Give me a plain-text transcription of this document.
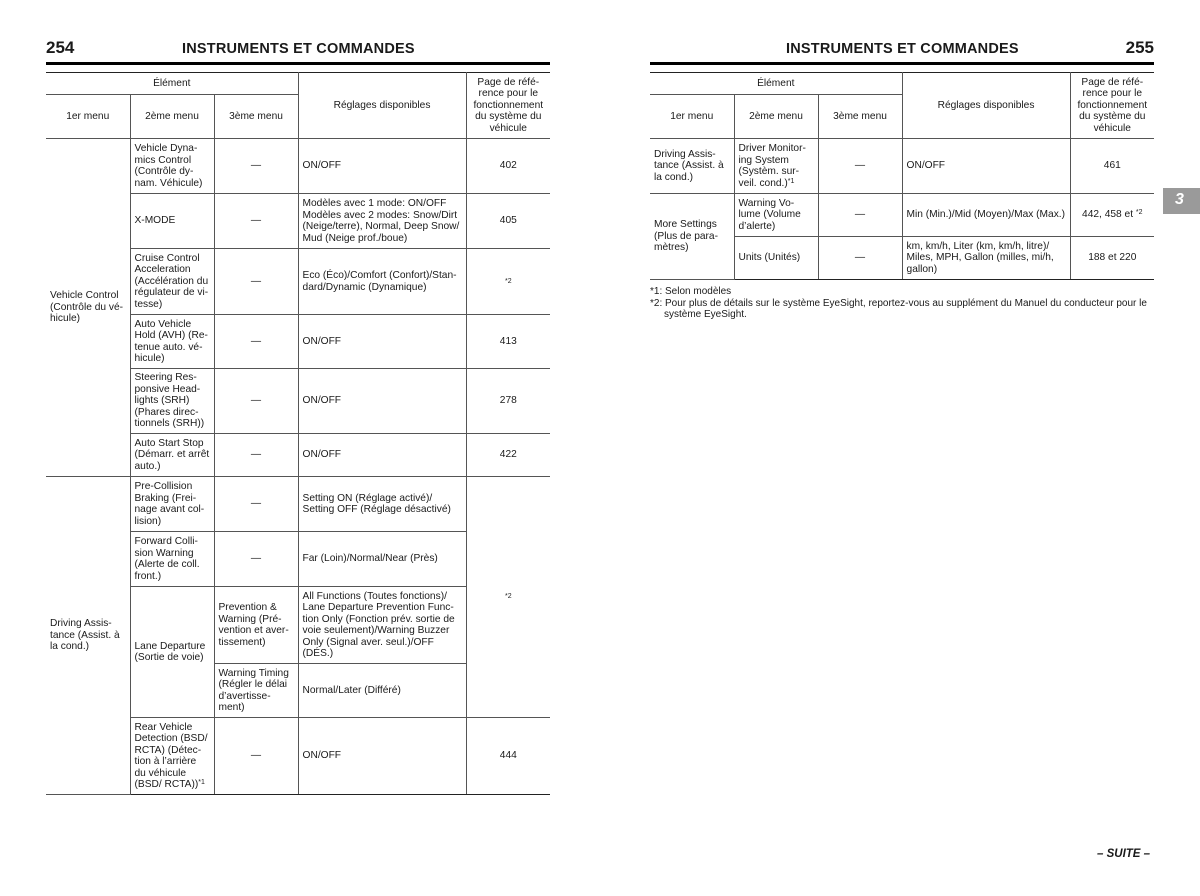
254	INSTRUMENTS ET COMMANDES
Élément			Réglages disponibles	Page de réfé-rence pour le fonctionnement du système du véhicule
1er menu	2ème menu	3ème menu		
Vehicle Control (Contrôle du vé-hicule)	Vehicle Dyna-mics Control (Contrôle dy-nam. Véhicule)	—	ON/OFF	402
	X-MODE	—	Modèles avec 1 mode: ON/OFF Modèles avec 2 modes: Snow/Dirt (Neige/terre), Normal, Deep Snow/ Mud (Neige prof./boue)	405
	Cruise Control Acceleration (Accélération du régulateur de vi-tesse)	—	Eco (Éco)/Comfort (Confort)/Stan-dard/Dynamic (Dynamique)	*2
	Auto Vehicle Hold (AVH) (Re-tenue auto. vé-hicule)	—	ON/OFF	413
	Steering Res-ponsive Head-lights (SRH) (Phares direc-tionnels (SRH))	—	ON/OFF	278
	Auto Start Stop (Démarr. et arrêt auto.)	—	ON/OFF	422
Driving Assis-tance (Assist. à la cond.)	Pre-Collision Braking (Frei-nage avant col-lision)	—	Setting ON (Réglage activé)/ Setting OFF (Réglage désactivé)	*2
	Forward Colli-sion Warning (Alerte de coll. front.)	—	Far (Loin)/Normal/Near (Près)	
	Lane Departure (Sortie de voie)	Prevention & Warning (Pré-vention et aver-tissement)	All Functions (Toutes fonctions)/ Lane Departure Prevention Func-tion Only (Fonction prév. sortie de voie seulement)/Warning Buzzer Only (Signal aver. seul.)/OFF (DÉS.)	
		Warning Timing (Régler le délai d’avertisse-ment)	Normal/Later (Différé)	
	Rear Vehicle Detection (BSD/ RCTA) (Détec-tion à l’arrière du véhicule (BSD/ RCTA))$^{*1}$	—	ON/OFF	444
INSTRUMENTS ET COMMANDES	255
Élément			Réglages disponibles	Page de réfé-rence pour le fonctionnement du système du véhicule
1er menu	2ème menu	3ème menu		
Driving Assis-tance (Assist. à la cond.)	Driver Monitor-ing System (Systèm. sur-veil. cond.)$^{*1}$	—	ON/OFF	461
More Settings (Plus de para-mètres)	Warning Vo-lume (Volume d’alerte)	—	Min (Min.)/Mid (Moyen)/Max (Max.)	442, 458 et $^{*2}$
	Units (Unités)	—	km, km/h, Liter (km, km/h, litre)/ Miles, MPH, Gallon (milles, mi/h, gallon)	188 et 220
*1: Selon modèles
*2: Pour plus de détails sur le système EyeSight, reportez-vous au supplément du Manuel du conducteur pour le système EyeSight.
3
– SUITE –
